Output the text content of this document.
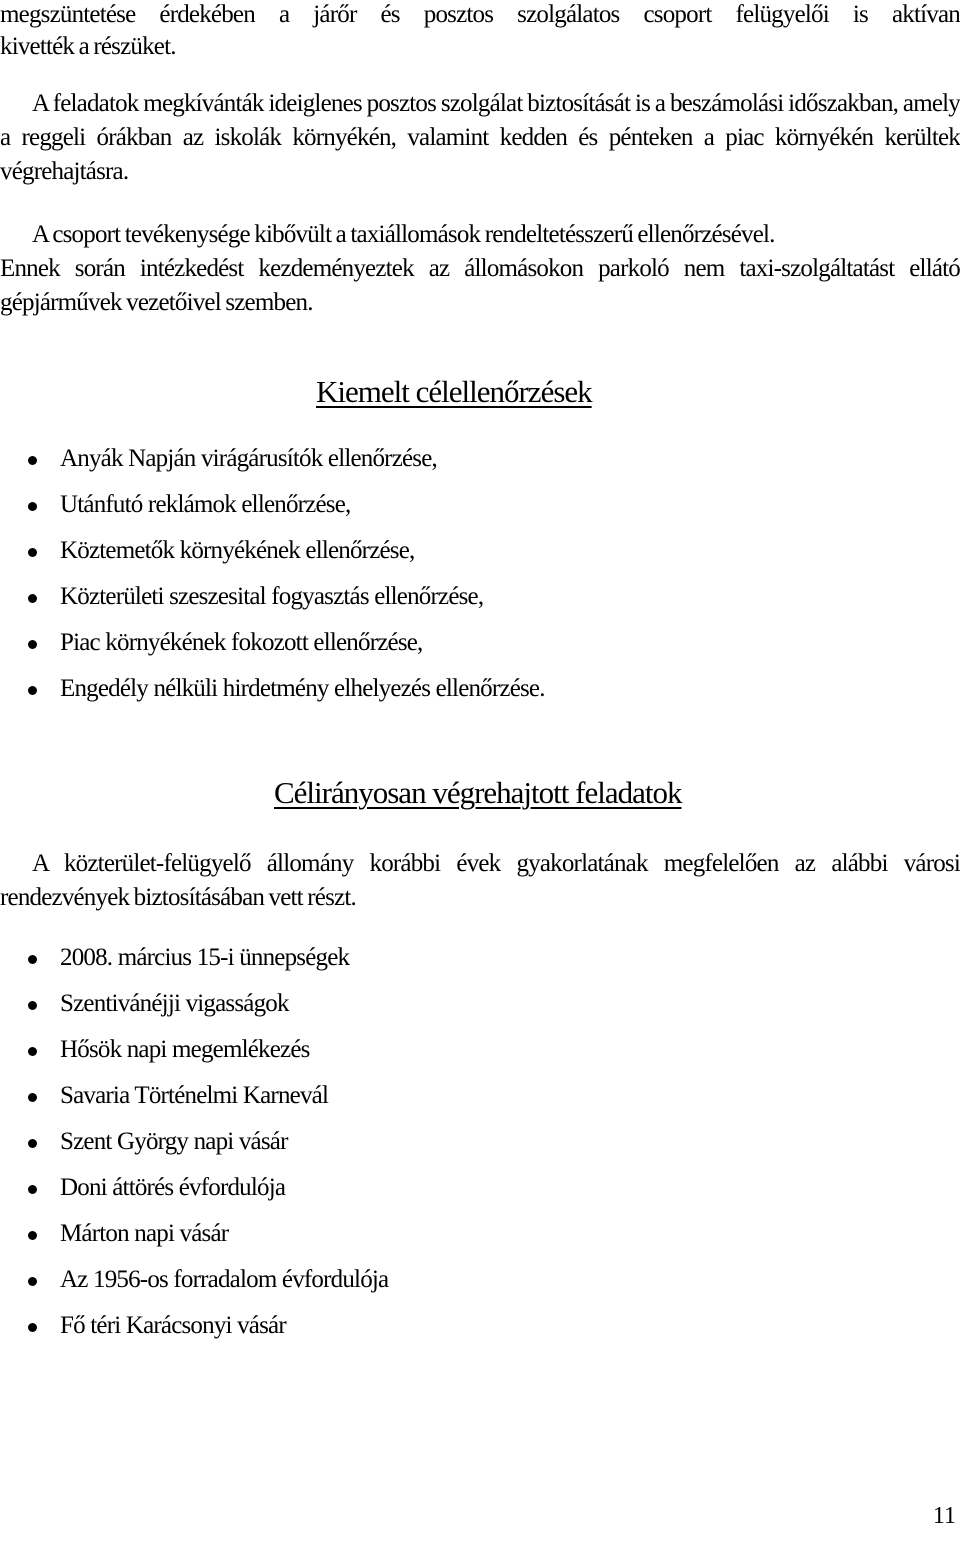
megszüntetése érdekében a járőr és posztos szolgálatos csoport felügyelői is aktívan

kivették a részüket.

A feladatok megkívánták ideiglenes posztos szolgálat biztosítását is a beszámolási időszakban, amely a reggeli órákban az iskolák környékén, valamint kedden és pénteken a piac környékén kerültek végrehajtásra.

A csoport tevékenysége kibővült a taxiállomások rendeltetésszerű ellenőrzésével.

Ennek során intézkedést kezdeményeztek az állomásokon parkoló nem taxi-szolgáltatást ellátó gépjárművek vezetőivel szemben.

Kiemelt célellenőrzések
Anyák Napján virágárusítók ellenőrzése,
Utánfutó reklámok ellenőrzése,
Köztemetők környékének ellenőrzése,
Közterületi szeszesital fogyasztás ellenőrzése,
Piac környékének fokozott ellenőrzése,
Engedély nélküli hirdetmény elhelyezés ellenőrzése.
Célirányosan végrehajtott feladatok

A közterület-felügyelő állomány korábbi évek gyakorlatának megfelelően az alábbi városi rendezvények biztosításában vett részt.

2008. március 15-i ünnepségek
Szentivánéjji vigasságok
Hősök napi megemlékezés
Savaria Történelmi Karnevál
Szent György napi vásár
Doni áttörés évfordulója
Márton napi vásár
Az 1956-os forradalom évfordulója
Fő téri Karácsonyi vásár
11
